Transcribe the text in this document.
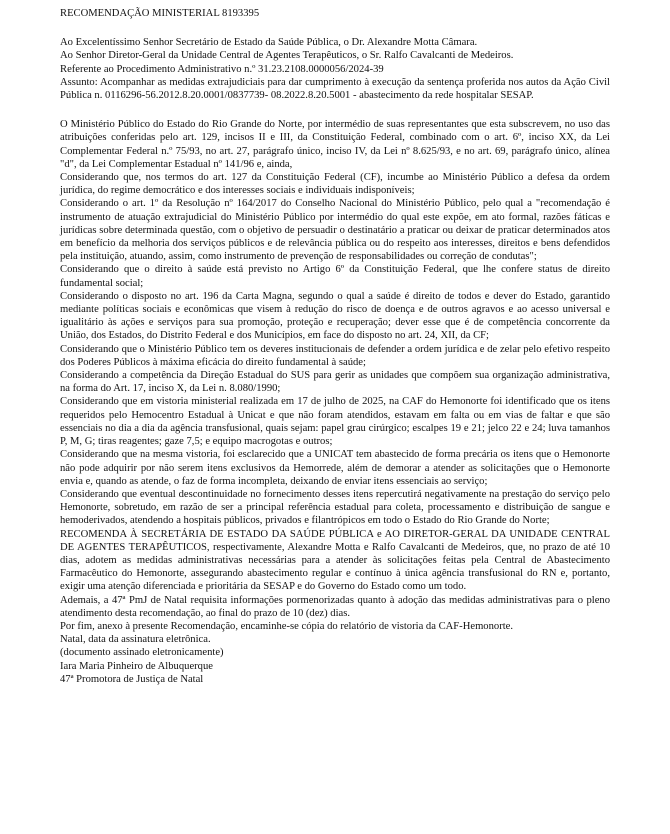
RECOMENDAÇÃO MINISTERIAL 8193395
Ao Excelentíssimo Senhor Secretário de Estado da Saúde Pública, o Dr. Alexandre Motta Câmara.
Ao Senhor Diretor-Geral da Unidade Central de Agentes Terapêuticos, o Sr. Ralfo Cavalcanti de Medeiros.
Referente ao Procedimento Administrativo n.º 31.23.2108.0000056/2024-39

Assunto: Acompanhar as medidas extrajudiciais para dar cumprimento à execução da sentença proferida nos autos da Ação Civil Pública n. 0116296-56.2012.8.20.0001/0837739- 08.2022.8.20.5001 - abastecimento da rede hospitalar SESAP.

O Ministério Público do Estado do Rio Grande do Norte, por intermédio de suas representantes que esta subscrevem, no uso das atribuições conferidas pelo art. 129, incisos II e III, da Constituição Federal, combinado com o art. 6º, inciso XX, da Lei Complementar Federal n.º 75/93, no art. 27, parágrafo único, inciso IV, da Lei nº 8.625/93, e no art. 69, parágrafo único, alínea "d", da Lei Complementar Estadual nº 141/96 e, ainda,

Considerando que, nos termos do art. 127 da Constituição Federal (CF), incumbe ao Ministério Público a defesa da ordem jurídica, do regime democrático e dos interesses sociais e individuais indisponíveis;

Considerando o art. 1º da Resolução nº 164/2017 do Conselho Nacional do Ministério Público, pelo qual a "recomendação é instrumento de atuação extrajudicial do Ministério Público por intermédio do qual este expõe, em ato formal, razões fáticas e jurídicas sobre determinada questão, com o objetivo de persuadir o destinatário a praticar ou deixar de praticar determinados atos em benefício da melhoria dos serviços públicos e de relevância pública ou do respeito aos interesses, direitos e bens defendidos pela instituição, atuando, assim, como instrumento de prevenção de responsabilidades ou correção de condutas";

Considerando que o direito à saúde está previsto no Artigo 6º da Constituição Federal, que lhe confere status de direito fundamental social;

Considerando o disposto no art. 196 da Carta Magna, segundo o qual a saúde é direito de todos e dever do Estado, garantido mediante políticas sociais e econômicas que visem à redução do risco de doença e de outros agravos e ao acesso universal e igualitário às ações e serviços para sua promoção, proteção e recuperação; dever esse que é de competência concorrente da União, dos Estados, do Distrito Federal e dos Municípios, em face do disposto no art. 24, XII, da CF;

Considerando que o Ministério Público tem os deveres institucionais de defender a ordem jurídica e de zelar pelo efetivo respeito dos Poderes Públicos à máxima eficácia do direito fundamental à saúde;

Considerando a competência da Direção Estadual do SUS para gerir as unidades que compõem sua organização administrativa, na forma do Art. 17, inciso X, da Lei n. 8.080/1990;

Considerando que em vistoria ministerial realizada em 17 de julho de 2025, na CAF do Hemonorte foi identificado que os itens requeridos pelo Hemocentro Estadual à Unicat e que não foram atendidos, estavam em falta ou em vias de faltar e que são essenciais no dia a dia da agência transfusional, quais sejam: papel grau cirúrgico; escalpes 19 e 21; jelco 22 e 24; luva tamanhos P, M, G; tiras reagentes; gaze 7,5; e equipo macrogotas e outros;

Considerando que na mesma vistoria, foi esclarecido que a UNICAT tem abastecido de forma precária os itens que o Hemonorte não pode adquirir por não serem itens exclusivos da Hemorrede, além de demorar a atender as solicitações que o Hemonorte envia e, quando as atende, o faz de forma incompleta, deixando de enviar itens essenciais ao serviço;

Considerando que eventual descontinuidade no fornecimento desses itens repercutirá negativamente na prestação do serviço pelo Hemonorte, sobretudo, em razão de ser a principal referência estadual para coleta, processamento e distribuição de sangue e hemoderivados, atendendo a hospitais públicos, privados e filantrópicos em todo o Estado do Rio Grande do Norte;

RECOMENDA À SECRETÁRIA DE ESTADO DA SAÚDE PÚBLICA e AO DIRETOR-GERAL DA UNIDADE CENTRAL DE AGENTES TERAPÊUTICOS, respectivamente, Alexandre Motta e Ralfo Cavalcanti de Medeiros, que, no prazo de até 10 dias, adotem as medidas administrativas necessárias para a atender às solicitações feitas pela Central de Abastecimento Farmacêutico do Hemonorte, assegurando abastecimento regular e contínuo à única agência transfusional do RN e, portanto, exigir uma atenção diferenciada e prioritária da SESAP e do Governo do Estado como um todo.

Ademais, a 47ª PmJ de Natal requisita informações pormenorizadas quanto à adoção das medidas administrativas para o pleno atendimento desta recomendação, ao final do prazo de 10 (dez) dias.

Por fim, anexo à presente Recomendação, encaminhe-se cópia do relatório de vistoria da CAF-Hemonorte.

Natal, data da assinatura eletrônica.
(documento assinado eletronicamente)
Iara Maria Pinheiro de Albuquerque
47ª Promotora de Justiça de Natal
